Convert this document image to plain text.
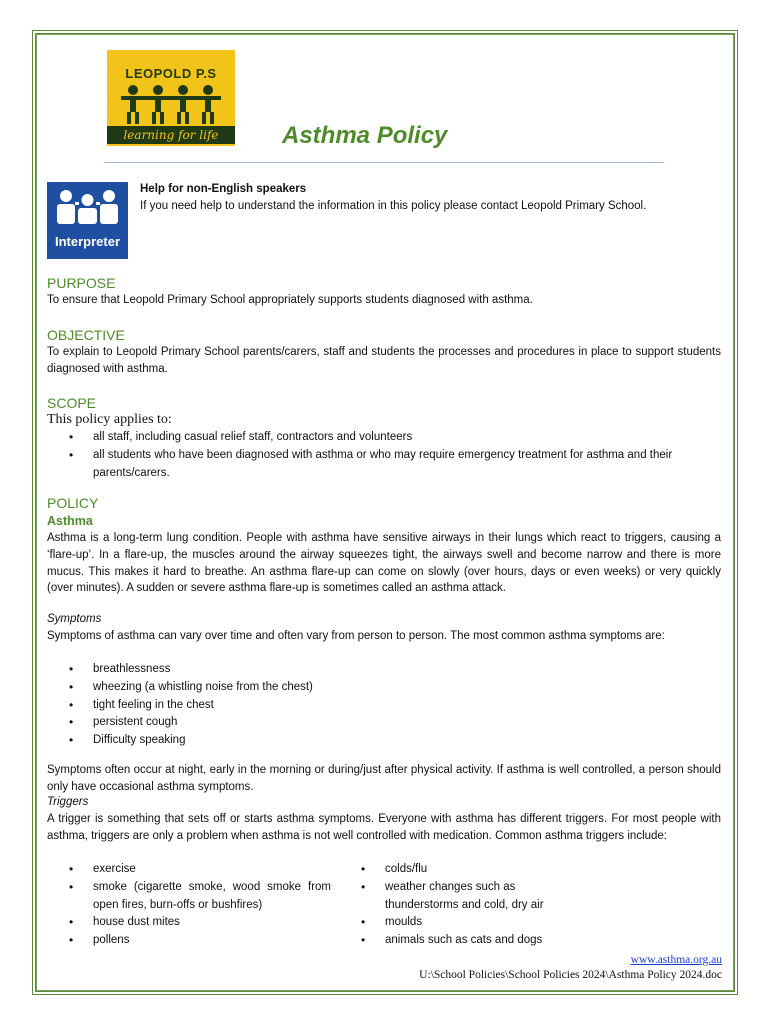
LEOPOLD P.S
learning for life	Asthma Policy
Interpreter
Help for non-English speakers
If you need help to understand the information in this policy please contact Leopold Primary School.
PURPOSE
To ensure that Leopold Primary School appropriately supports students diagnosed with asthma.
OBJECTIVE
To explain to Leopold Primary School parents/carers, staff and students the processes and procedures in place to support students diagnosed with asthma.
SCOPE
This policy applies to:
• all staff, including casual relief staff, contractors and volunteers
• all students who have been diagnosed with asthma or who may require emergency treatment for asthma and their parents/carers.
POLICY
Asthma
Asthma is a long-term lung condition. People with asthma have sensitive airways in their lungs which react to triggers, causing a ‘flare-up’. In a flare-up, the muscles around the airway squeezes tight, the airways swell and become narrow and there is more mucus. This makes it hard to breathe. An asthma flare-up can come on slowly (over hours, days or even weeks) or very quickly (over minutes). A sudden or severe asthma flare-up is sometimes called an asthma attack.
Symptoms
Symptoms of asthma can vary over time and often vary from person to person. The most common asthma symptoms are:
• breathlessness
• wheezing (a whistling noise from the chest)
• tight feeling in the chest
• persistent cough
• Difficulty speaking
Symptoms often occur at night, early in the morning or during/just after physical activity. If asthma is well controlled, a person should only have occasional asthma symptoms.
Triggers
A trigger is something that sets off or starts asthma symptoms. Everyone with asthma has different triggers. For most people with asthma, triggers are only a problem when asthma is not well controlled with medication. Common asthma triggers include:
• exercise
• smoke (cigarette smoke, wood smoke from open fires, burn-offs or bushfires)
• house dust mites
• pollens
• colds/flu
• weather changes such as thunderstorms and cold, dry air
• moulds
• animals such as cats and dogs
www.asthma.org.au
U:\School Policies\School Policies 2024\Asthma Policy 2024.doc
